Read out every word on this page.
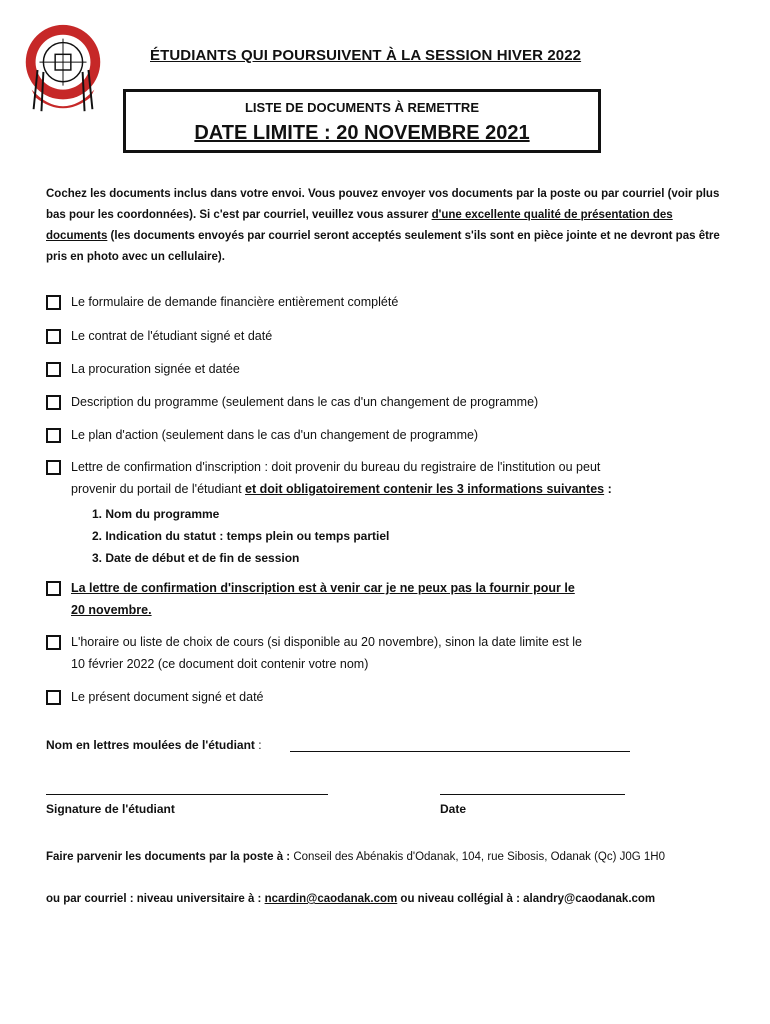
ÉTUDIANTS QUI POURSUIVENT À LA SESSION HIVER 2022
LISTE DE DOCUMENTS À REMETTRE
DATE LIMITE : 20 NOVEMBRE 2021
Cochez les documents inclus dans votre envoi. Vous pouvez envoyer vos documents par la poste ou par courriel (voir plus bas pour les coordonnées). Si c'est par courriel, veuillez vous assurer d'une excellente qualité de présentation des documents (les documents envoyés par courriel seront acceptés seulement s'ils sont en pièce jointe et ne devront pas être pris en photo avec un cellulaire).
Le formulaire de demande financière entièrement complété
Le contrat de l'étudiant signé et daté
La procuration signée et datée
Description du programme (seulement dans le cas d'un changement de programme)
Le plan d'action (seulement dans le cas d'un changement de programme)
Lettre de confirmation d'inscription : doit provenir du bureau du registraire de l'institution ou peut
provenir du portail de l'étudiant et doit obligatoirement contenir les 3 informations suivantes :
1. Nom du programme
2. Indication du statut : temps plein ou temps partiel
3. Date de début et de fin de session
La lettre de confirmation d'inscription est à venir car je ne peux pas la fournir pour le
20 novembre.
L'horaire ou liste de choix de cours (si disponible au 20 novembre), sinon la date limite est le
10 février 2022 (ce document doit contenir votre nom)
Le présent document signé et daté
Nom en lettres moulées de l'étudiant :
Signature de l'étudiant	Date
Faire parvenir les documents par la poste à : Conseil des Abénakis d'Odanak, 104, rue Sibosis, Odanak (Qc) J0G 1H0
ou par courriel : niveau universitaire à : ncardin@caodanak.com ou niveau collégial à : alandry@caodanak.com
